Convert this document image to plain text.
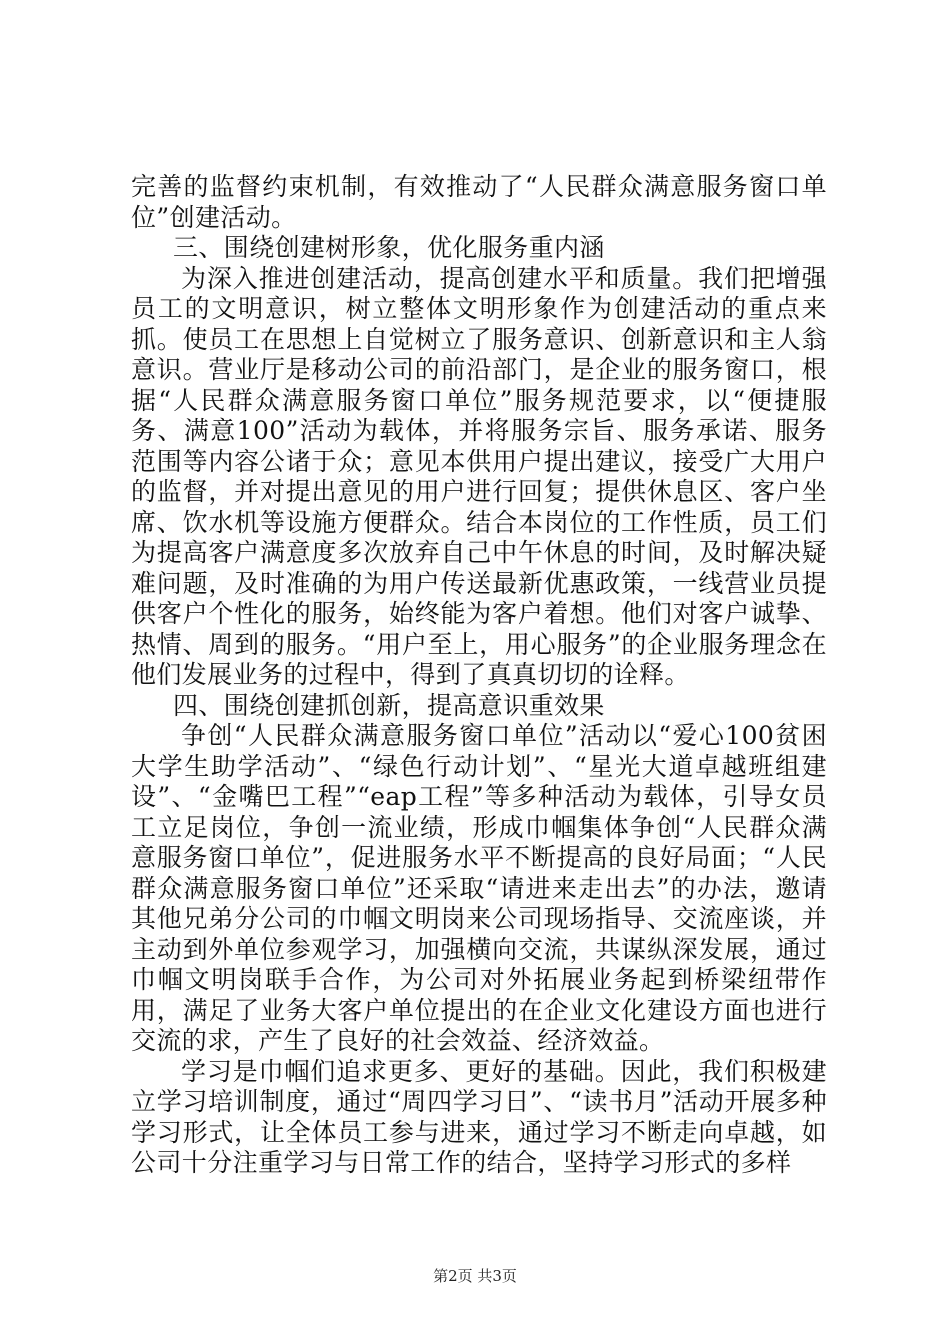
完善的监督约束机制，有效推动了“人民群众满意服务窗口单位”创建活动。

三、围绕创建树形象，优化服务重内涵

为深入推进创建活动，提高创建水平和质量。我们把增强员工的文明意识，树立整体文明形象作为创建活动的重点来抓。使员工在思想上自觉树立了服务意识、创新意识和主人翁意识。营业厅是移动公司的前沿部门，是企业的服务窗口，根据“人民群众满意服务窗口单位”服务规范要求，以“便捷服务、满意100”活动为载体，并将服务宗旨、服务承诺、服务范围等内容公诸于众；意见本供用户提出建议，接受广大用户的监督，并对提出意见的用户进行回复；提供休息区、客户坐席、饮水机等设施方便群众。结合本岗位的工作性质，员工们为提高客户满意度多次放弃自己中午休息的时间，及时解决疑难问题，及时准确的为用户传送最新优惠政策，一线营业员提供客户个性化的服务，始终能为客户着想。他们对客户诚挚、热情、周到的服务。“用户至上，用心服务”的企业服务理念在他们发展业务的过程中，得到了真真切切的诠释。

四、围绕创建抓创新，提高意识重效果

争创“人民群众满意服务窗口单位”活动以“爱心100贫困大学生助学活动”、“绿色行动计划”、“星光大道卓越班组建设”、“金嘴巴工程”“eap工程”等多种活动为载体，引导女员工立足岗位，争创一流业绩，形成巾帼集体争创“人民群众满意服务窗口单位”，促进服务水平不断提高的良好局面；“人民群众满意服务窗口单位”还采取“请进来走出去”的办法，邀请其他兄弟分公司的巾帼文明岗来公司现场指导、交流座谈，并主动到外单位参观学习，加强横向交流，共谋纵深发展，通过巾帼文明岗联手合作，为公司对外拓展业务起到桥梁纽带作用，满足了业务大客户单位提出的在企业文化建设方面也进行交流的求，产生了良好的社会效益、经济效益。

学习是巾帼们追求更多、更好的基础。因此，我们积极建立学习培训制度，通过“周四学习日”、“读书月”活动开展多种学习形式，让全体员工参与进来，通过学习不断走向卓越，如公司十分注重学习与日常工作的结合，坚持学习形式的多样

第2页 共3页
